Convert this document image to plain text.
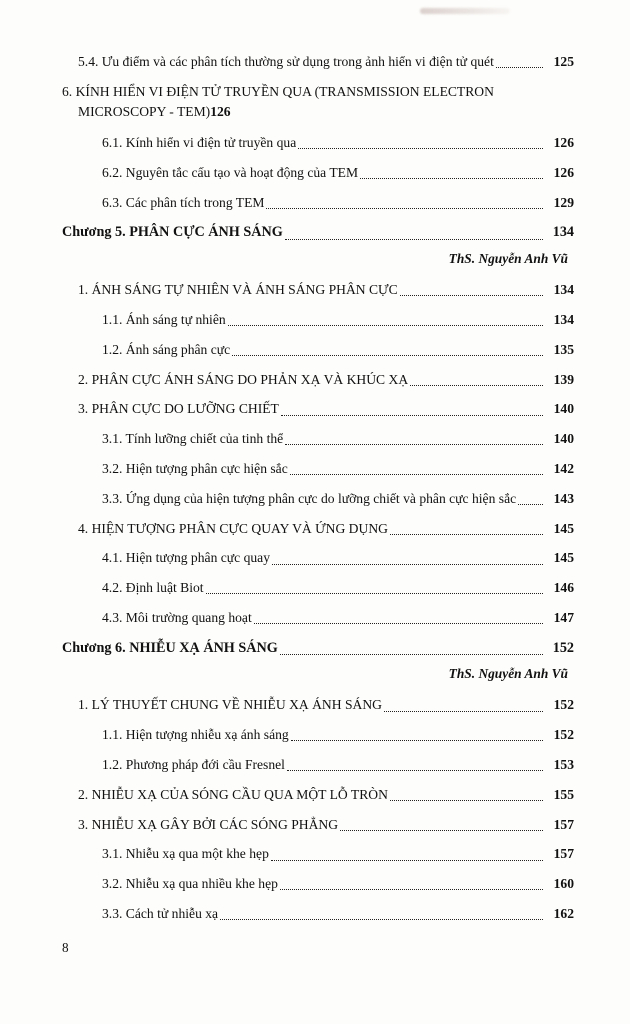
5.4. Ưu điểm và các phân tích thường sử dụng trong ảnh hiển vi điện tử quét	125
6. KÍNH HIỂN VI ĐIỆN TỬ TRUYỀN QUA (TRANSMISSION ELECTRON
MICROSCOPY - TEM) 126
6.1. Kính hiển vi điện tử truyền qua	126
6.2. Nguyên tắc cấu tạo và hoạt động của TEM	126
6.3. Các phân tích trong TEM	129
Chương 5. PHÂN CỰC ÁNH SÁNG	134
ThS. Nguyễn Anh Vũ
1. ÁNH SÁNG TỰ NHIÊN VÀ ÁNH SÁNG PHÂN CỰC	134
1.1. Ánh sáng tự nhiên	134
1.2. Ánh sáng phân cực	135
2. PHÂN CỰC ÁNH SÁNG DO PHẢN XẠ VÀ KHÚC XẠ	139
3. PHÂN CỰC DO LƯỠNG CHIẾT	140
3.1. Tính lưỡng chiết của tinh thể	140
3.2. Hiện tượng phân cực hiện sắc	142
3.3. Ứng dụng của hiện tượng phân cực do lưỡng chiết và phân cực hiện sắc	143
4. HIỆN TƯỢNG PHÂN CỰC QUAY VÀ ỨNG DỤNG	145
4.1. Hiện tượng phân cực quay	145
4.2. Định luật Biot	146
4.3. Môi trường quang hoạt	147
Chương 6. NHIỄU XẠ ÁNH SÁNG	152
ThS. Nguyễn Anh Vũ
1. LÝ THUYẾT CHUNG VỀ NHIỄU XẠ ÁNH SÁNG	152
1.1. Hiện tượng nhiễu xạ ánh sáng	152
1.2. Phương pháp đới cầu Fresnel	153
2. NHIỄU XẠ CỦA SÓNG CẦU QUA MỘT LỖ TRÒN	155
3. NHIỄU XẠ GÂY BỞI CÁC SÓNG PHẲNG	157
3.1. Nhiễu xạ qua một khe hẹp	157
3.2. Nhiễu xạ qua nhiều khe hẹp	160
3.3. Cách tử nhiễu xạ	162
8
